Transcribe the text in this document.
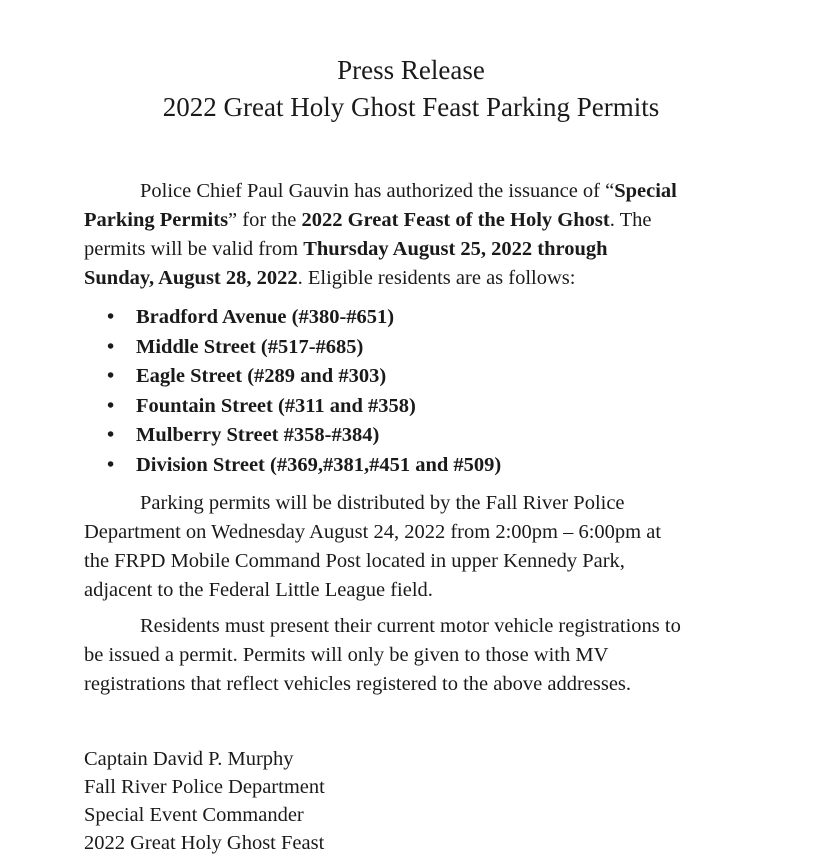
Press Release
2022 Great Holy Ghost Feast Parking Permits
Police Chief Paul Gauvin has authorized the issuance of “Special
Parking Permits” for the 2022 Great Feast of the Holy Ghost. The
permits will be valid from Thursday August 25, 2022 through
Sunday, August 28, 2022. Eligible residents are as follows:
• Bradford Avenue (#380-#651)
• Middle Street (#517-#685)
• Eagle Street (#289 and #303)
• Fountain Street (#311 and #358)
• Mulberry Street #358-#384)
• Division Street (#369,#381,#451 and #509)
Parking permits will be distributed by the Fall River Police
Department on Wednesday August 24, 2022 from 2:00pm – 6:00pm at
the FRPD Mobile Command Post located in upper Kennedy Park,
adjacent to the Federal Little League field.
Residents must present their current motor vehicle registrations to
be issued a permit. Permits will only be given to those with MV
registrations that reflect vehicles registered to the above addresses.
Captain David P. Murphy
Fall River Police Department
Special Event Commander
2022 Great Holy Ghost Feast
